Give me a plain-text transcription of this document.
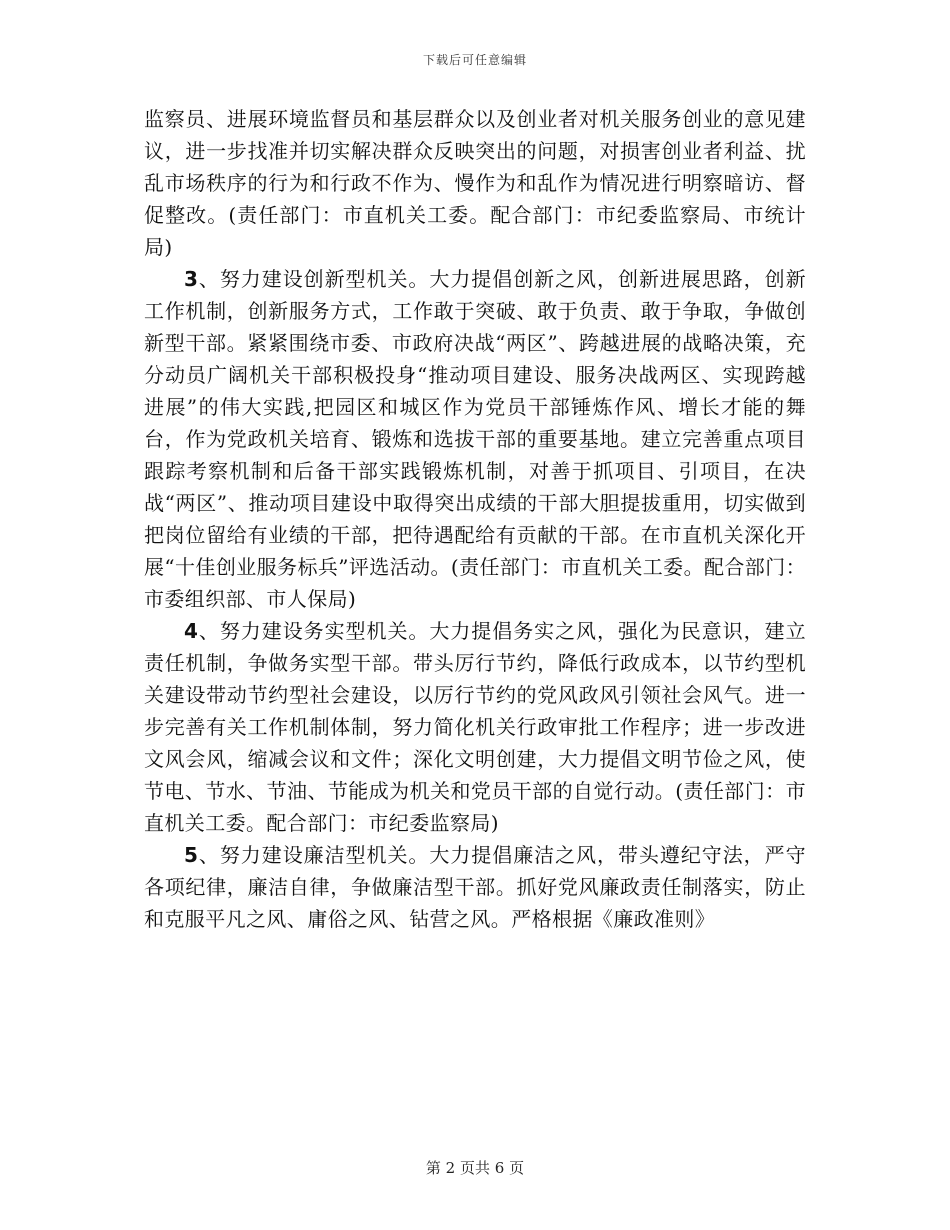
下载后可任意编辑

监察员、进展环境监督员和基层群众以及创业者对机关服务创业的意见建议，进一步找准并切实解决群众反映突出的问题，对损害创业者利益、扰乱市场秩序的行为和行政不作为、慢作为和乱作为情况进行明察暗访、督促整改。(责任部门：市直机关工委。配合部门：市纪委监察局、市统计局)

3、努力建设创新型机关。大力提倡创新之风，创新进展思路，创新工作机制，创新服务方式，工作敢于突破、敢于负责、敢于争取，争做创新型干部。紧紧围绕市委、市政府决战“两区”、跨越进展的战略决策，充分动员广阔机关干部积极投身“推动项目建设、服务决战两区、实现跨越进展”的伟大实践,把园区和城区作为党员干部锤炼作风、增长才能的舞台，作为党政机关培育、锻炼和选拔干部的重要基地。建立完善重点项目跟踪考察机制和后备干部实践锻炼机制，对善于抓项目、引项目，在决战“两区”、推动项目建设中取得突出成绩的干部大胆提拔重用，切实做到把岗位留给有业绩的干部，把待遇配给有贡献的干部。在市直机关深化开展“十佳创业服务标兵”评选活动。(责任部门：市直机关工委。配合部门：市委组织部、市人保局)

4、努力建设务实型机关。大力提倡务实之风，强化为民意识，建立责任机制，争做务实型干部。带头厉行节约，降低行政成本，以节约型机关建设带动节约型社会建设，以厉行节约的党风政风引领社会风气。进一步完善有关工作机制体制，努力简化机关行政审批工作程序；进一步改进文风会风，缩减会议和文件；深化文明创建，大力提倡文明节俭之风，使节电、节水、节油、节能成为机关和党员干部的自觉行动。(责任部门：市直机关工委。配合部门：市纪委监察局)

5、努力建设廉洁型机关。大力提倡廉洁之风，带头遵纪守法，严守各项纪律，廉洁自律，争做廉洁型干部。抓好党风廉政责任制落实，防止和克服平凡之风、庸俗之风、钻营之风。严格根据《廉政准则》

第 2 页共 6 页
